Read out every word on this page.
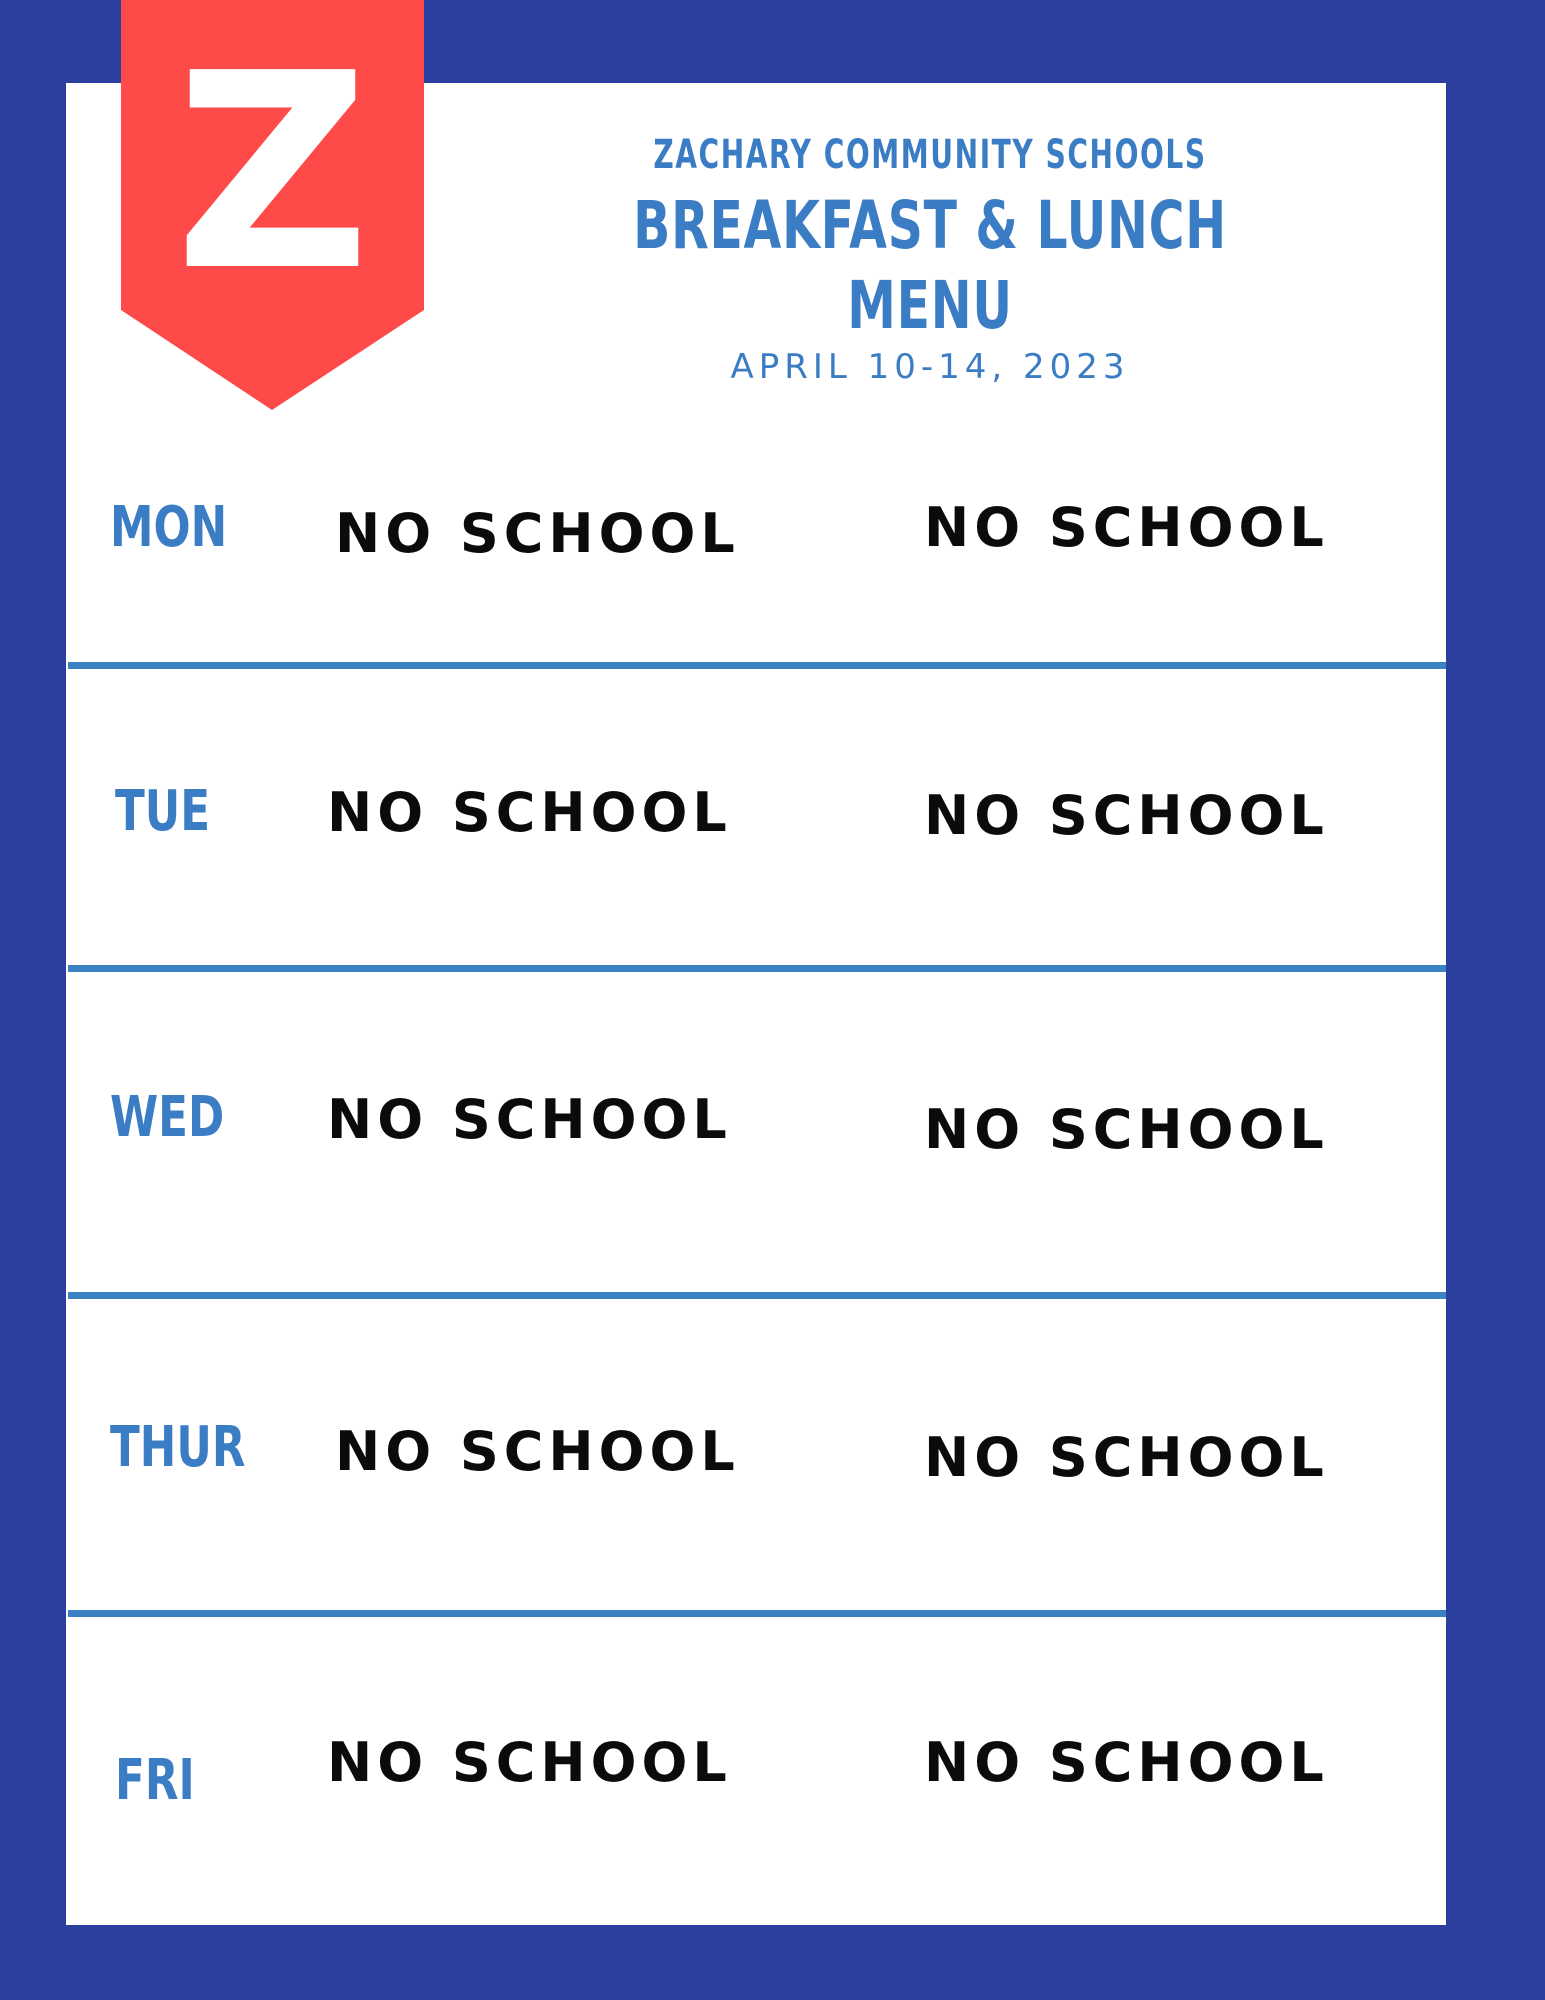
Z	ZACHARY COMMUNITY SCHOOLS
BREAKFAST & LUNCH MENU
APRIL 10-14, 2023
MON NO SCHOOL	NO SCHOOL
TUE NO SCHOOL	NO SCHOOL
WED NO SCHOOL	NO SCHOOL
THUR NO SCHOOL	NO SCHOOL
FRI NO SCHOOL	NO SCHOOL
